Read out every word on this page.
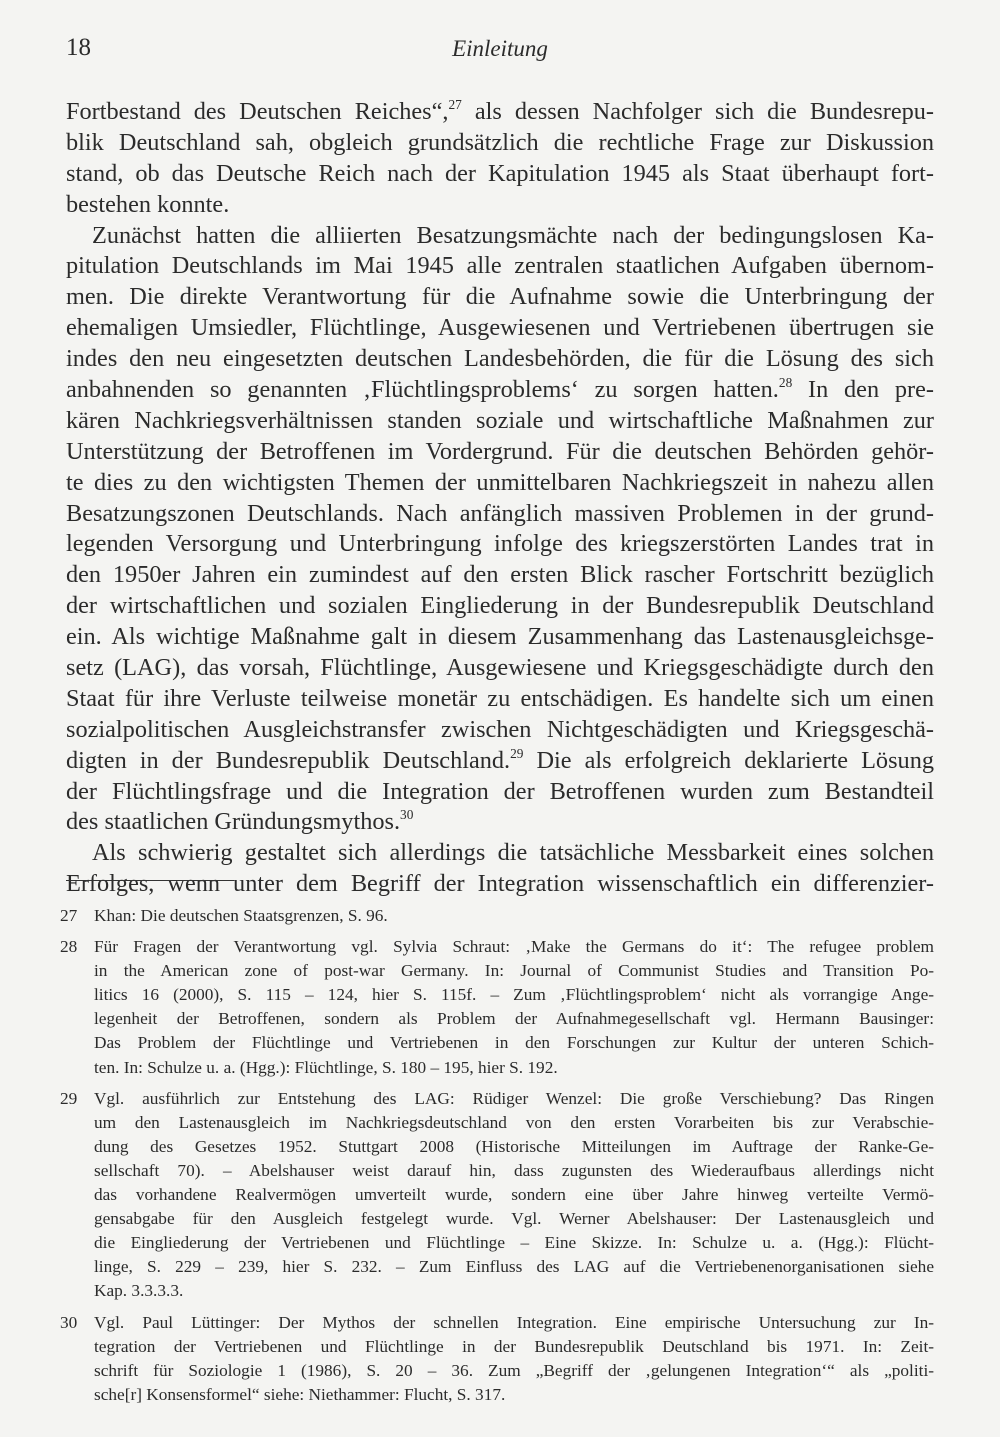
18	Einleitung
Fortbestand des Deutschen Reiches“,$^{27}$ als dessen Nachfolger sich die Bundesrepu-
blik Deutschland sah, obgleich grundsätzlich die rechtliche Frage zur Diskussion
stand, ob das Deutsche Reich nach der Kapitulation 1945 als Staat überhaupt fort-
bestehen konnte.
Zunächst hatten die alliierten Besatzungsmächte nach der bedingungslosen Ka-
pitulation Deutschlands im Mai 1945 alle zentralen staatlichen Aufgaben übernom-
men. Die direkte Verantwortung für die Aufnahme sowie die Unterbringung der
ehemaligen Umsiedler, Flüchtlinge, Ausgewiesenen und Vertriebenen übertrugen sie
indes den neu eingesetzten deutschen Landesbehörden, die für die Lösung des sich
anbahnenden so genannten ‚Flüchtlingsproblems‘ zu sorgen hatten.$^{28}$ In den pre-
kären Nachkriegsverhältnissen standen soziale und wirtschaftliche Maßnahmen zur
Unterstützung der Betroffenen im Vordergrund. Für die deutschen Behörden gehör-
te dies zu den wichtigsten Themen der unmittelbaren Nachkriegszeit in nahezu allen
Besatzungszonen Deutschlands. Nach anfänglich massiven Problemen in der grund-
legenden Versorgung und Unterbringung infolge des kriegszerstörten Landes trat in
den 1950er Jahren ein zumindest auf den ersten Blick rascher Fortschritt bezüglich
der wirtschaftlichen und sozialen Eingliederung in der Bundesrepublik Deutschland
ein. Als wichtige Maßnahme galt in diesem Zusammenhang das Lastenausgleichsge-
setz (LAG), das vorsah, Flüchtlinge, Ausgewiesene und Kriegsgeschädigte durch den
Staat für ihre Verluste teilweise monetär zu entschädigen. Es handelte sich um einen
sozialpolitischen Ausgleichstransfer zwischen Nichtgeschädigten und Kriegsgeschä-
digten in der Bundesrepublik Deutschland.$^{29}$ Die als erfolgreich deklarierte Lösung
der Flüchtlingsfrage und die Integration der Betroffenen wurden zum Bestandteil
des staatlichen Gründungsmythos.$^{30}$
Als schwierig gestaltet sich allerdings die tatsächliche Messbarkeit eines solchen
Erfolges, wenn unter dem Begriff der Integration wissenschaftlich ein differenzier-
27 Khan: Die deutschen Staatsgrenzen, S. 96.
28 Für Fragen der Verantwortung vgl. Sylvia Schraut: ‚Make the Germans do it‘: The refugee problem
in the American zone of post-war Germany. In: Journal of Communist Studies and Transition Po-
litics 16 (2000), S. 115 – 124, hier S. 115f. – Zum ‚Flüchtlingsproblem‘ nicht als vorrangige Ange-
legenheit der Betroffenen, sondern als Problem der Aufnahmegesellschaft vgl. Hermann Bausinger:
Das Problem der Flüchtlinge und Vertriebenen in den Forschungen zur Kultur der unteren Schich-
ten. In: Schulze u. a. (Hgg.): Flüchtlinge, S. 180 – 195, hier S. 192.
29 Vgl. ausführlich zur Entstehung des LAG: Rüdiger Wenzel: Die große Verschiebung? Das Ringen
um den Lastenausgleich im Nachkriegsdeutschland von den ersten Vorarbeiten bis zur Verabschie-
dung des Gesetzes 1952. Stuttgart 2008 (Historische Mitteilungen im Auftrage der Ranke-Ge-
sellschaft 70). – Abelshauser weist darauf hin, dass zugunsten des Wiederaufbaus allerdings nicht
das vorhandene Realvermögen umverteilt wurde, sondern eine über Jahre hinweg verteilte Vermö-
gensabgabe für den Ausgleich festgelegt wurde. Vgl. Werner Abelshauser: Der Lastenausgleich und
die Eingliederung der Vertriebenen und Flüchtlinge – Eine Skizze. In: Schulze u. a. (Hgg.): Flücht-
linge, S. 229 – 239, hier S. 232. – Zum Einfluss des LAG auf die Vertriebenenorganisationen siehe
Kap. 3.3.3.3.
30 Vgl. Paul Lüttinger: Der Mythos der schnellen Integration. Eine empirische Untersuchung zur In-
tegration der Vertriebenen und Flüchtlinge in der Bundesrepublik Deutschland bis 1971. In: Zeit-
schrift für Soziologie 1 (1986), S. 20 – 36. Zum „Begriff der ‚gelungenen Integration‘“ als „politi-
sche[r] Konsensformel“ siehe: Niethammer: Flucht, S. 317.
